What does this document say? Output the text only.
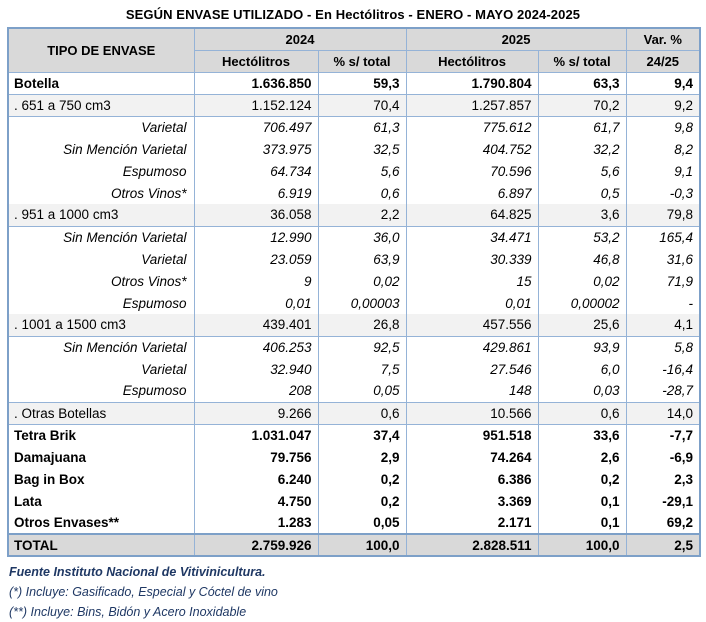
SEGÚN ENVASE UTILIZADO - En Hectólitros - ENERO - MAYO 2024-2025
TIPO DE ENVASE	2024		2025		Var. %
	Hectólitros	% s/ total	Hectólitros	% s/ total	24/25
Botella	1.636.850	59,3	1.790.804	63,3	9,4
. 651 a 750 cm3	1.152.124	70,4	1.257.857	70,2	9,2
Varietal	706.497	61,3	775.612	61,7	9,8
Sin Mención Varietal	373.975	32,5	404.752	32,2	8,2
Espumoso	64.734	5,6	70.596	5,6	9,1
Otros Vinos*	6.919	0,6	6.897	0,5	-0,3
. 951 a 1000 cm3	36.058	2,2	64.825	3,6	79,8
Sin Mención Varietal	12.990	36,0	34.471	53,2	165,4
Varietal	23.059	63,9	30.339	46,8	31,6
Otros Vinos*	9	0,02	15	0,02	71,9
Espumoso	0,01	0,00003	0,01	0,00002	-
. 1001 a 1500 cm3	439.401	26,8	457.556	25,6	4,1
Sin Mención Varietal	406.253	92,5	429.861	93,9	5,8
Varietal	32.940	7,5	27.546	6,0	-16,4
Espumoso	208	0,05	148	0,03	-28,7
. Otras Botellas	9.266	0,6	10.566	0,6	14,0
Tetra Brik	1.031.047	37,4	951.518	33,6	-7,7
Damajuana	79.756	2,9	74.264	2,6	-6,9
Bag in Box	6.240	0,2	6.386	0,2	2,3
Lata	4.750	0,2	3.369	0,1	-29,1
Otros Envases**	1.283	0,05	2.171	0,1	69,2
TOTAL	2.759.926	100,0	2.828.511	100,0	2,5
Fuente Instituto Nacional de Vitivinicultura.
(*) Incluye: Gasificado, Especial y Cóctel de vino
(**) Incluye: Bins, Bidón y Acero Inoxidable
